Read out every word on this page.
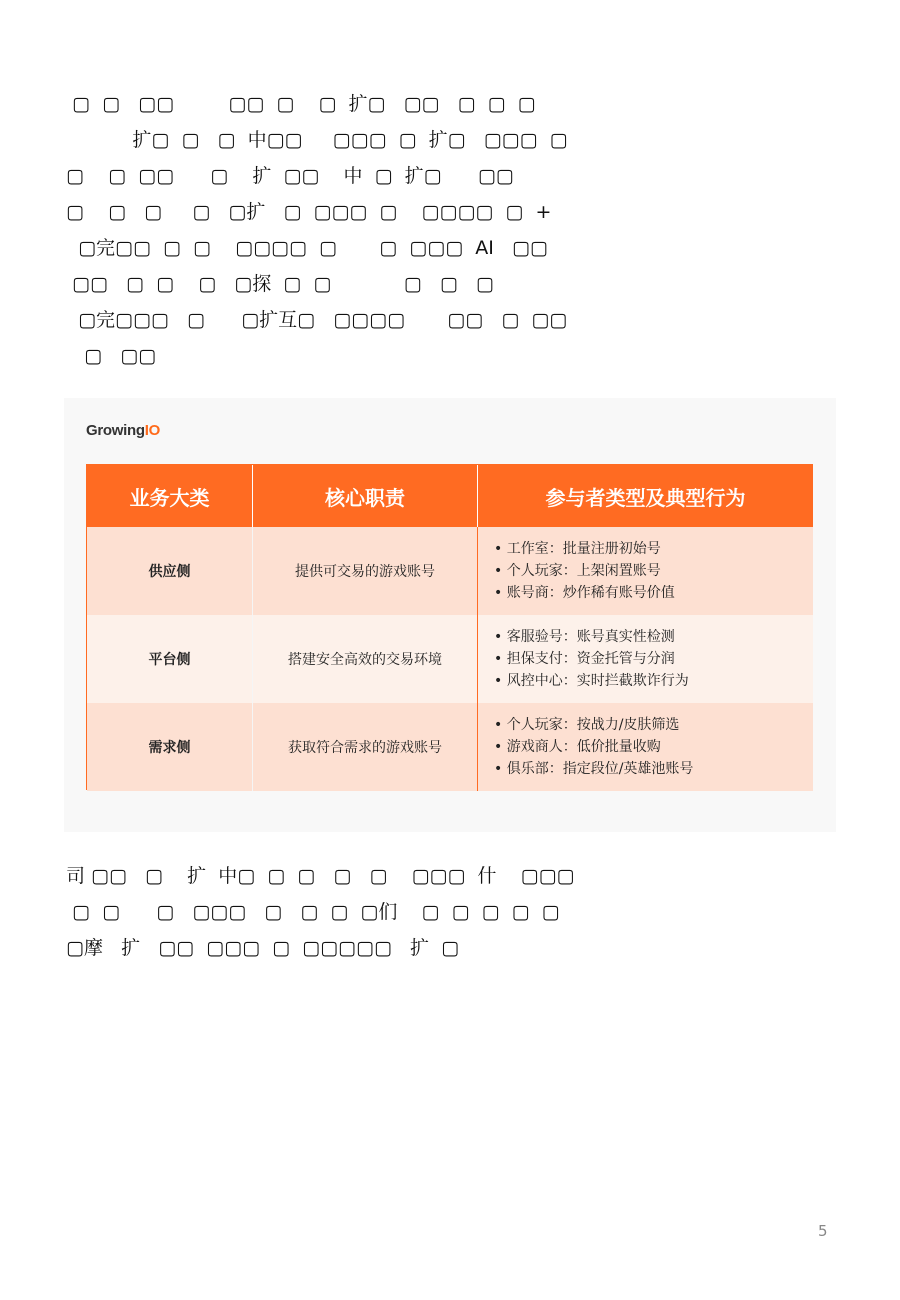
▢  ▢   ▢▢         ▢▢  ▢    ▢  扩▢   ▢▢   ▢  ▢  ▢
扩▢  ▢   ▢  中▢▢     ▢▢▢  ▢  扩▢   ▢▢▢  ▢
▢    ▢  ▢▢      ▢    扩  ▢▢    中  ▢  扩▢      ▢▢
▢    ▢   ▢     ▢   ▢扩   ▢  ▢▢▢  ▢    ▢▢▢▢  ▢  +
▢完▢▢  ▢  ▢    ▢▢▢▢  ▢       ▢  ▢▢▢  AI   ▢▢
▢▢   ▢  ▢    ▢   ▢探  ▢  ▢            ▢   ▢   ▢
▢完▢▢▢   ▢      ▢扩互▢   ▢▢▢▢       ▢▢   ▢  ▢▢
▢   ▢▢
GrowingIO
业务大类	核心职责	参与者类型及典型行为
供应侧	提供可交易的游戏账号
• 工作室：批量注册初始号
• 个人玩家：上架闲置账号
• 账号商：炒作稀有账号价值
平台侧	搭建安全高效的交易环境
• 客服验号：账号真实性检测
• 担保支付：资金托管与分润
• 风控中心：实时拦截欺诈行为
需求侧	获取符合需求的游戏账号
• 个人玩家：按战力/皮肤筛选
• 游戏商人：低价批量收购
• 俱乐部：指定段位/英雄池账号
司 ▢▢   ▢    扩  中▢  ▢  ▢   ▢   ▢    ▢▢▢  什    ▢▢▢
▢  ▢      ▢   ▢▢▢   ▢   ▢  ▢  ▢们    ▢  ▢  ▢  ▢  ▢
▢摩   扩   ▢▢  ▢▢▢  ▢  ▢▢▢▢▢   扩  ▢
5
